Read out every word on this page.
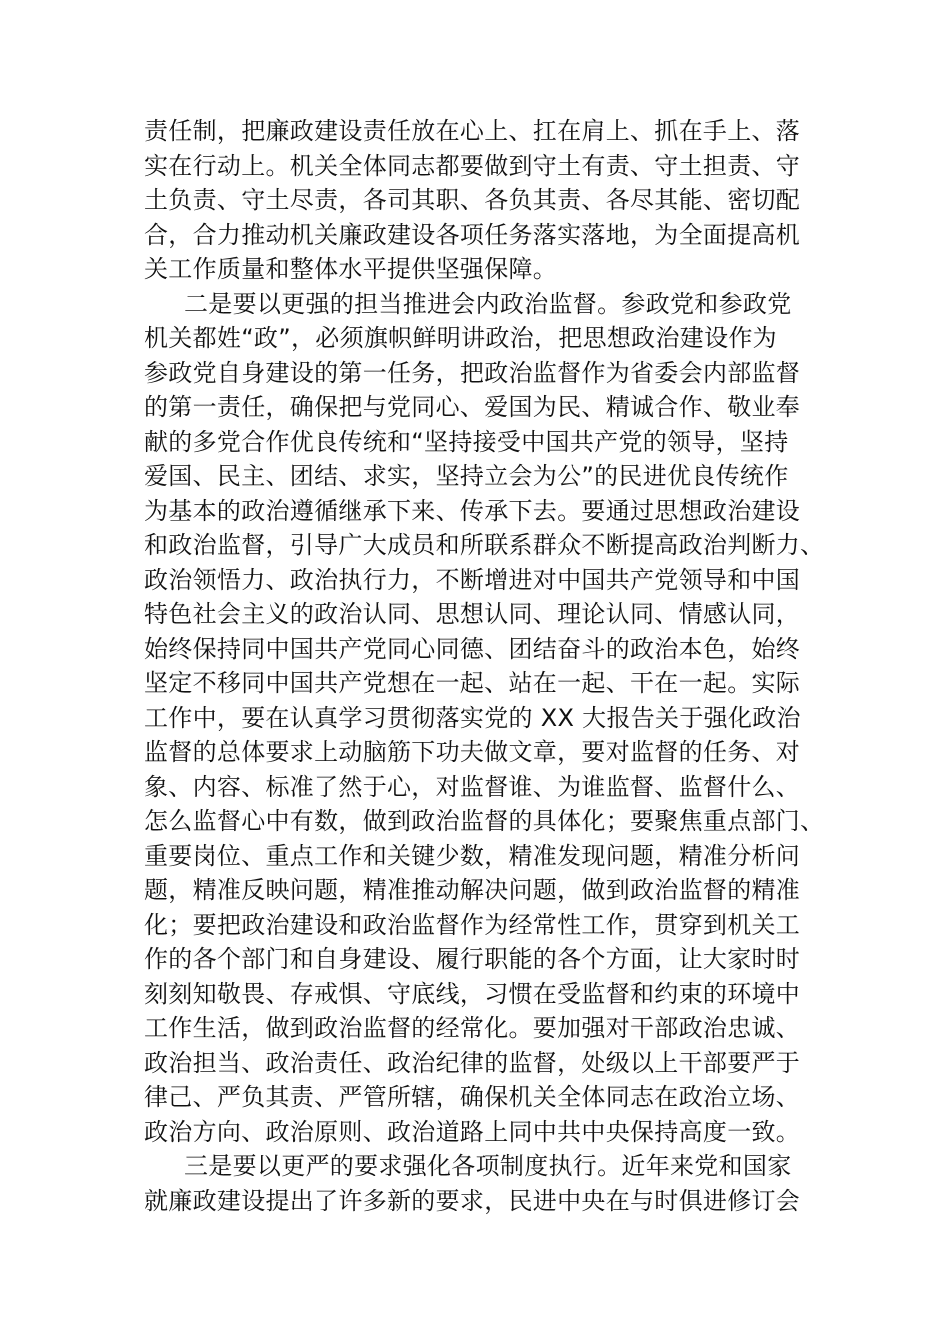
责任制，把廉政建设责任放在心上、扛在肩上、抓在手上、落
实在行动上。机关全体同志都要做到守土有责、守土担责、守
土负责、守土尽责，各司其职、各负其责、各尽其能、密切配
合，合力推动机关廉政建设各项任务落实落地，为全面提高机
关工作质量和整体水平提供坚强保障。
二是要以更强的担当推进会内政治监督。参政党和参政党
机关都姓“政”，必须旗帜鲜明讲政治，把思想政治建设作为
参政党自身建设的第一任务，把政治监督作为省委会内部监督
的第一责任，确保把与党同心、爱国为民、精诚合作、敬业奉
献的多党合作优良传统和“坚持接受中国共产党的领导，坚持
爱国、民主、团结、求实，坚持立会为公”的民进优良传统作
为基本的政治遵循继承下来、传承下去。要通过思想政治建设
和政治监督，引导广大成员和所联系群众不断提高政治判断力、
政治领悟力、政治执行力，不断增进对中国共产党领导和中国
特色社会主义的政治认同、思想认同、理论认同、情感认同，
始终保持同中国共产党同心同德、团结奋斗的政治本色，始终
坚定不移同中国共产党想在一起、站在一起、干在一起。实际
工作中，要在认真学习贯彻落实党的 XX 大报告关于强化政治
监督的总体要求上动脑筋下功夫做文章，要对监督的任务、对
象、内容、标准了然于心，对监督谁、为谁监督、监督什么、
怎么监督心中有数，做到政治监督的具体化；要聚焦重点部门、
重要岗位、重点工作和关键少数，精准发现问题，精准分析问
题，精准反映问题，精准推动解决问题，做到政治监督的精准
化；要把政治建设和政治监督作为经常性工作，贯穿到机关工
作的各个部门和自身建设、履行职能的各个方面，让大家时时
刻刻知敬畏、存戒惧、守底线，习惯在受监督和约束的环境中
工作生活，做到政治监督的经常化。要加强对干部政治忠诚、
政治担当、政治责任、政治纪律的监督，处级以上干部要严于
律己、严负其责、严管所辖，确保机关全体同志在政治立场、
政治方向、政治原则、政治道路上同中共中央保持高度一致。
三是要以更严的要求强化各项制度执行。近年来党和国家
就廉政建设提出了许多新的要求，民进中央在与时俱进修订会
